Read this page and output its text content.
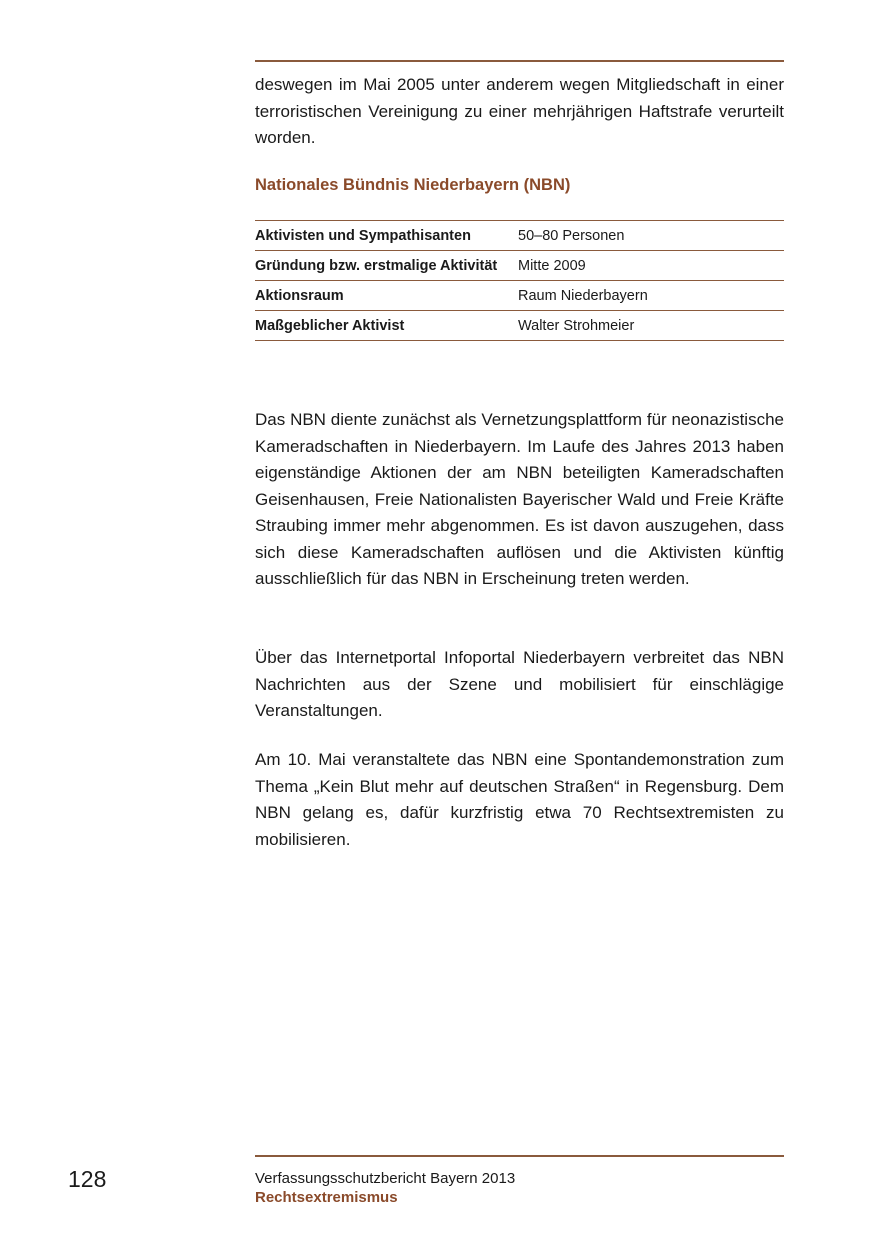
deswegen im Mai 2005 unter anderem wegen Mitgliedschaft in einer terroristischen Vereinigung zu einer mehrjährigen Haftstrafe verurteilt worden.

Nationales Bündnis Niederbayern (NBN)
Aktivisten und Sympathisanten	50–80 Personen
Gründung bzw. erstmalige Aktivität	Mitte 2009
Aktionsraum	Raum Niederbayern
Maßgeblicher Aktivist	Walter Strohmeier

Das NBN diente zunächst als Vernetzungsplattform für neonazistische Kameradschaften in Niederbayern. Im Laufe des Jahres 2013 haben eigenständige Aktionen der am NBN beteiligten Kameradschaften Geisenhausen, Freie Nationalisten Bayerischer Wald und Freie Kräfte Straubing immer mehr abgenommen. Es ist davon auszugehen, dass sich diese Kameradschaften auflösen und die Aktivisten künftig ausschließlich für das NBN in Erscheinung treten werden.

Über das Internetportal Infoportal Niederbayern verbreitet das NBN Nachrichten aus der Szene und mobilisiert für einschlägige Veranstaltungen.

Am 10. Mai veranstaltete das NBN eine Spontandemonstration zum Thema „Kein Blut mehr auf deutschen Straßen“ in Regensburg. Dem NBN gelang es, dafür kurzfristig etwa 70 Rechtsextremisten zu mobilisieren.

128	Verfassungsschutzbericht Bayern 2013
Rechtsextremismus
